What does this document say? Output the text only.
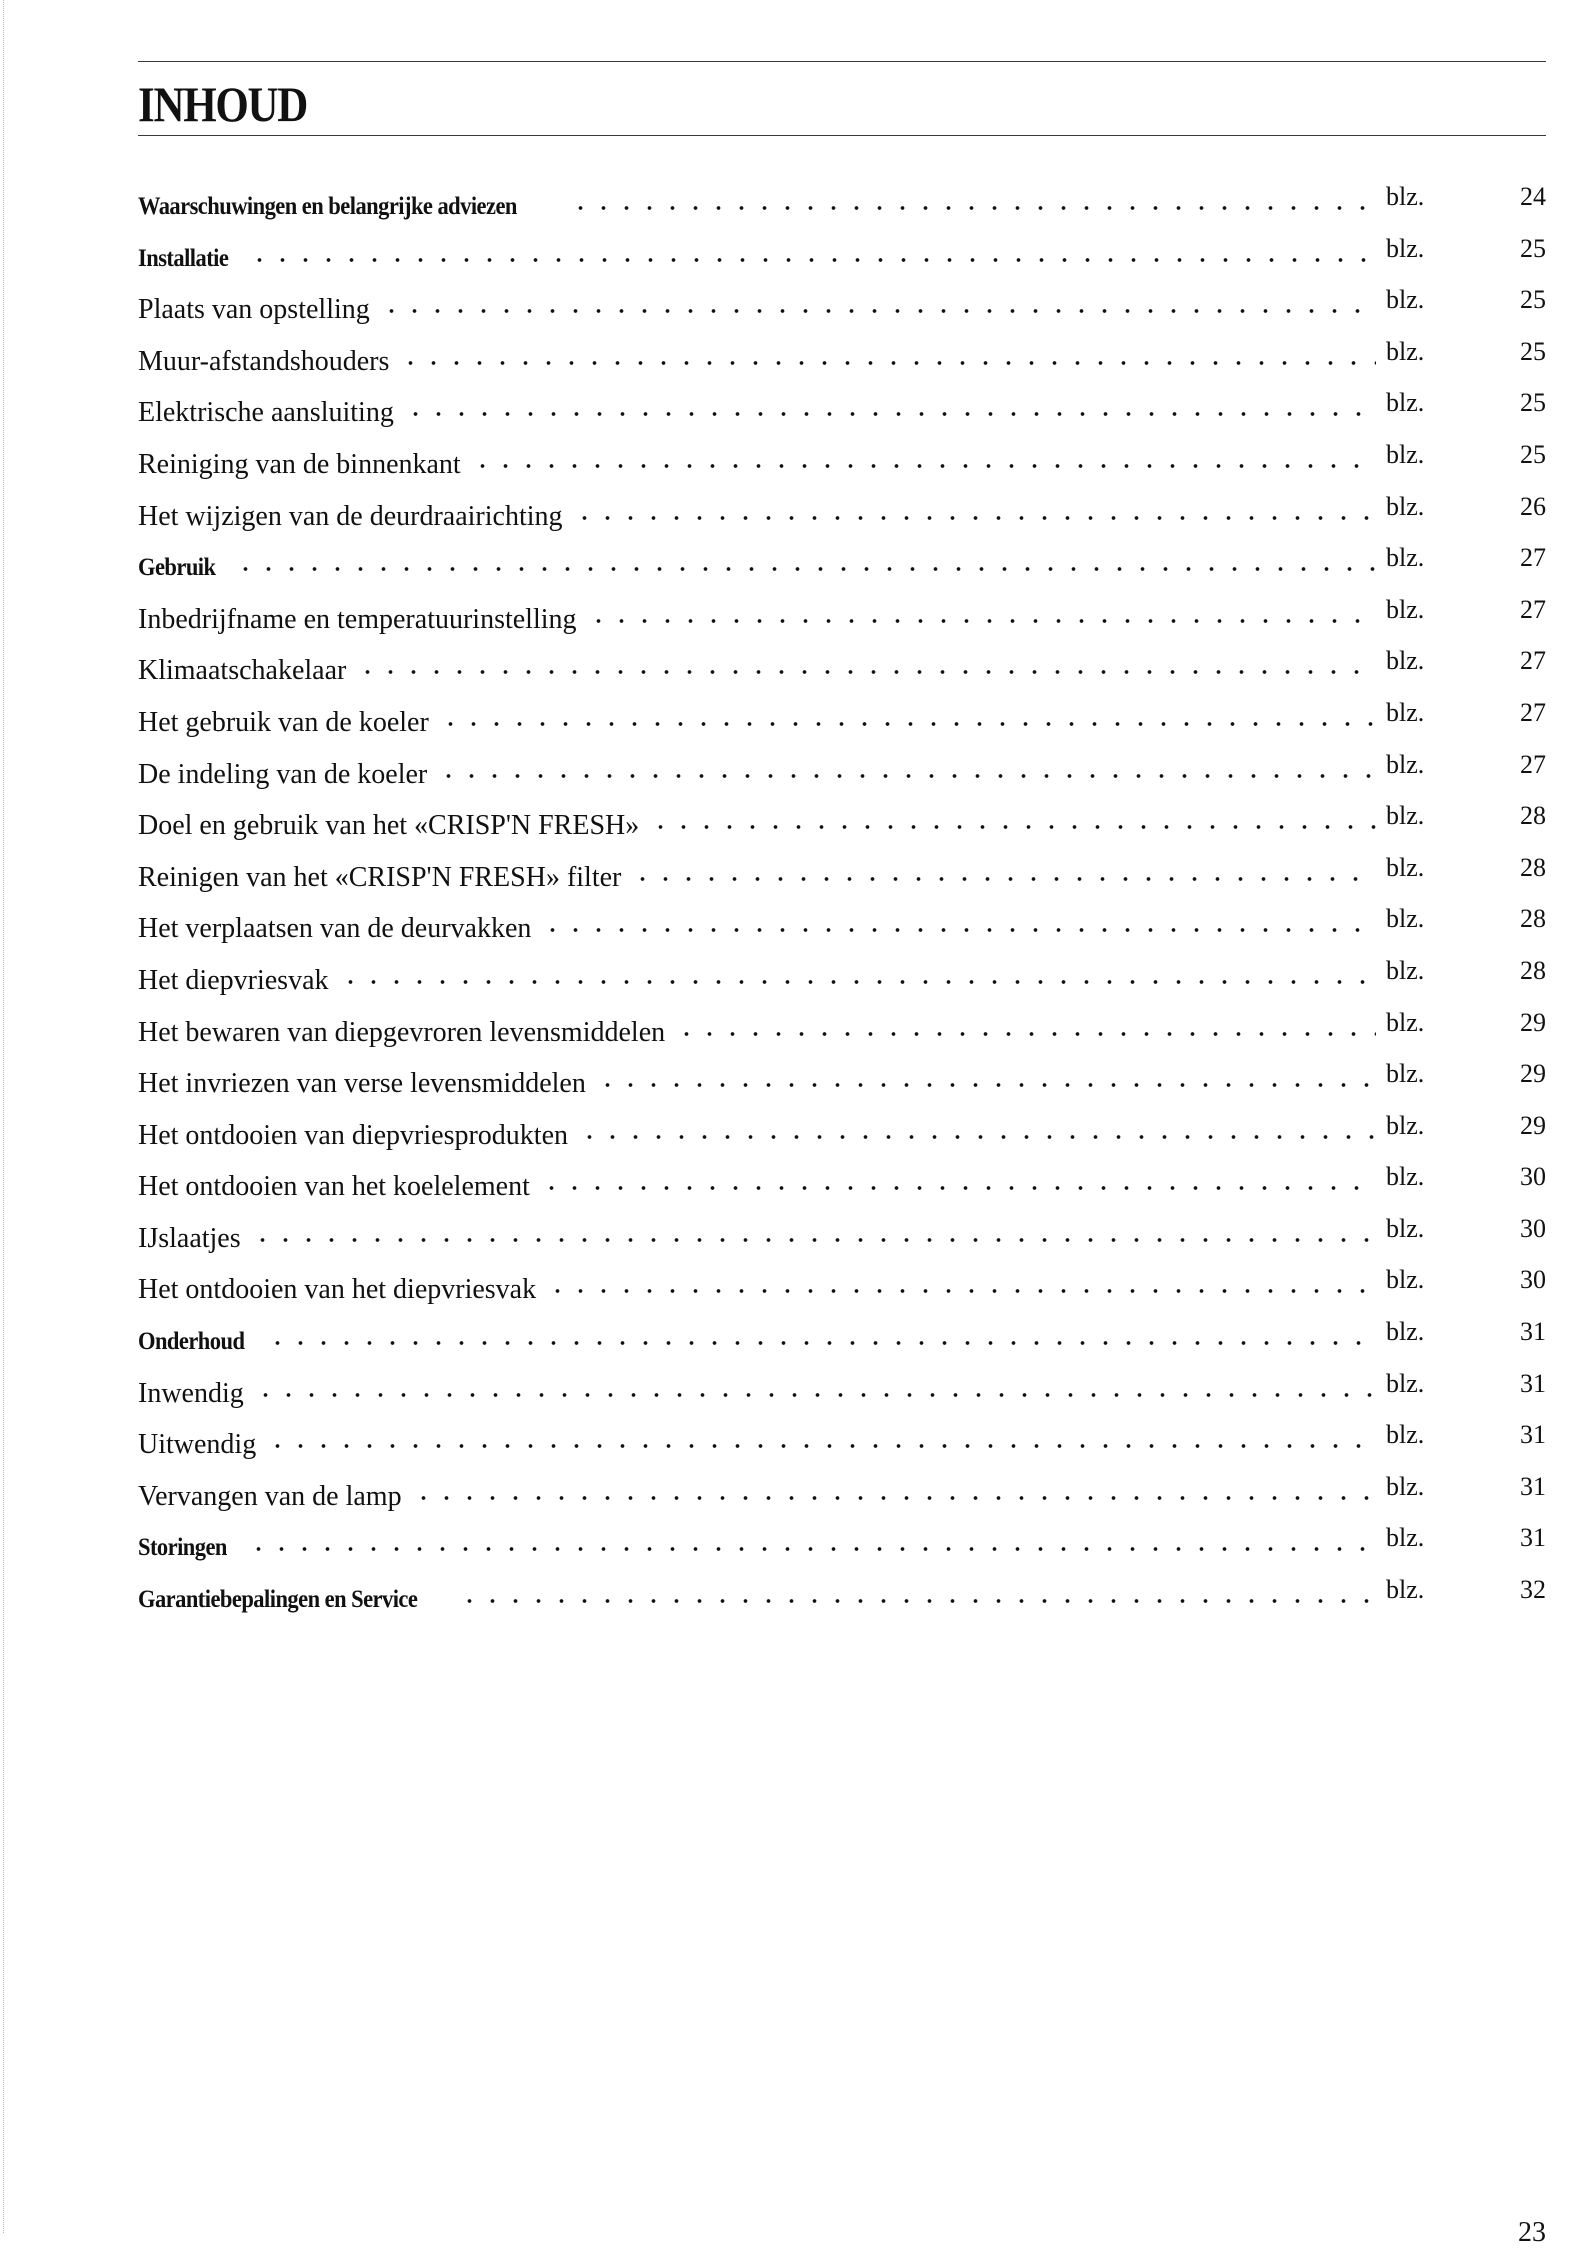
INHOUD
Waarschuwingen en belangrijke adviezen	blz.	24
Installatie	blz.	25
Plaats van opstelling	blz.	25
Muur-afstandshouders	blz.	25
Elektrische aansluiting	blz.	25
Reiniging van de binnenkant	blz.	25
Het wijzigen van de deurdraairichting	blz.	26
Gebruik	blz.	27
Inbedrijfname en temperatuurinstelling	blz.	27
Klimaatschakelaar	blz.	27
Het gebruik van de koeler	blz.	27
De indeling van de koeler	blz.	27
Doel en gebruik van het «CRISP'N FRESH»	blz.	28
Reinigen van het «CRISP'N FRESH» filter	blz.	28
Het verplaatsen van de deurvakken	blz.	28
Het diepvriesvak	blz.	28
Het bewaren van diepgevroren levensmiddelen	blz.	29
Het invriezen van verse levensmiddelen	blz.	29
Het ontdooien van diepvriesprodukten	blz.	29
Het ontdooien van het koelelement	blz.	30
IJslaatjes	blz.	30
Het ontdooien van het diepvriesvak	blz.	30
Onderhoud	blz.	31
Inwendig	blz.	31
Uitwendig	blz.	31
Vervangen van de lamp	blz.	31
Storingen	blz.	31
Garantiebepalingen en Service	blz.	32
23
